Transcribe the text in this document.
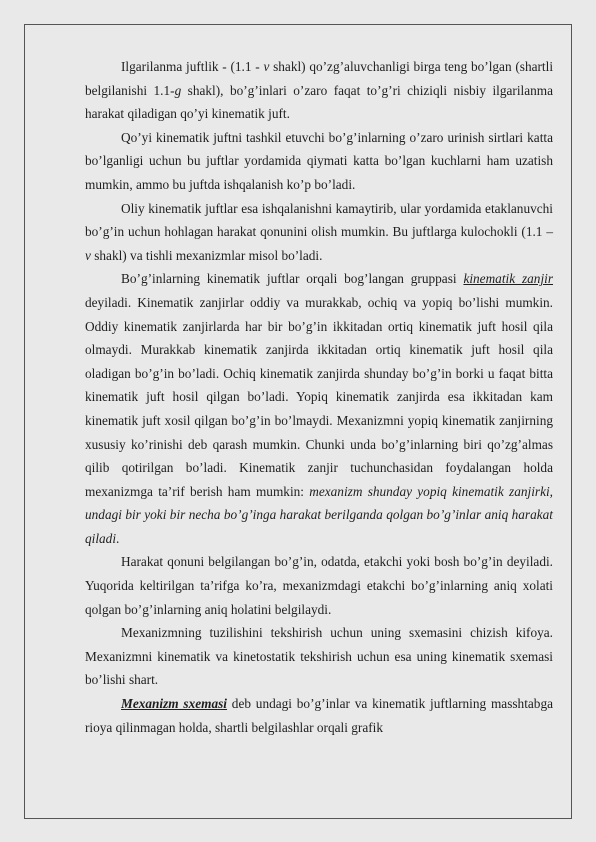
Ilgarilanma juftlik - (1.1 - v shakl) qo’zg’aluvchanligi birga teng bo’lgan (shartli belgilanishi 1.1-g shakl), bo’g’inlari o’zaro faqat to’g’ri chiziqli nisbiy ilgarilanma harakat qiladigan qo’yi kinematik juft.

Qo’yi kinematik juftni tashkil etuvchi bo’g’inlarning o’zaro urinish sirtlari katta bo’lganligi uchun bu juftlar yordamida qiymati katta bo’lgan kuchlarni ham uzatish mumkin, ammo bu juftda ishqalanish ko’p bo’ladi.

Oliy kinematik juftlar esa ishqalanishni kamaytirib, ular yordamida etaklanuvchi bo’g’in uchun hohlagan harakat qonunini olish mumkin. Bu juftlarga kulochokli (1.1 – v shakl) va tishli mexanizmlar misol bo’ladi.

Bo’g’inlarning kinematik juftlar orqali bog’langan gruppasi kinematik zanjir deyiladi. Kinematik zanjirlar oddiy va murakkab, ochiq va yopiq bo’lishi mumkin. Oddiy kinematik zanjirlarda har bir bo’g’in ikkitadan ortiq kinematik juft hosil qila olmaydi. Murakkab kinematik zanjirda ikkitadan ortiq kinematik juft hosil qila oladigan bo’g’in bo’ladi. Ochiq kinematik zanjirda shunday bo’g’in borki u faqat bitta kinematik juft hosil qilgan bo’ladi. Yopiq kinematik zanjirda esa ikkitadan kam kinematik juft xosil qilgan bo’g’in bo’lmaydi. Mexanizmni yopiq kinematik zanjirning xususiy ko’rinishi deb qarash mumkin. Chunki unda bo’g’inlarning biri qo’zg’almas qilib qotirilgan bo’ladi. Kinematik zanjir tuchunchasidan foydalangan holda mexanizmga ta’rif berish ham mumkin: mexanizm shunday yopiq kinematik zanjirki, undagi bir yoki bir necha bo’g’inga harakat berilganda qolgan bo’g’inlar aniq harakat qiladi.

Harakat qonuni belgilangan bo’g’in, odatda, etakchi yoki bosh bo’g’in deyiladi. Yuqorida keltirilgan ta’rifga ko’ra, mexanizmdagi etakchi bo’g’inlarning aniq xolati qolgan bo’g’inlarning aniq holatini belgilaydi.

Mexanizmning tuzilishini tekshirish uchun uning sxemasini chizish kifoya. Mexanizmni kinematik va kinetostatik tekshirish uchun esa uning kinematik sxemasi bo’lishi shart.

Mexanizm sxemasi deb undagi bo’g’inlar va kinematik juftlarning masshtabga rioya qilinmagan holda, shartli belgilashlar orqali grafik
